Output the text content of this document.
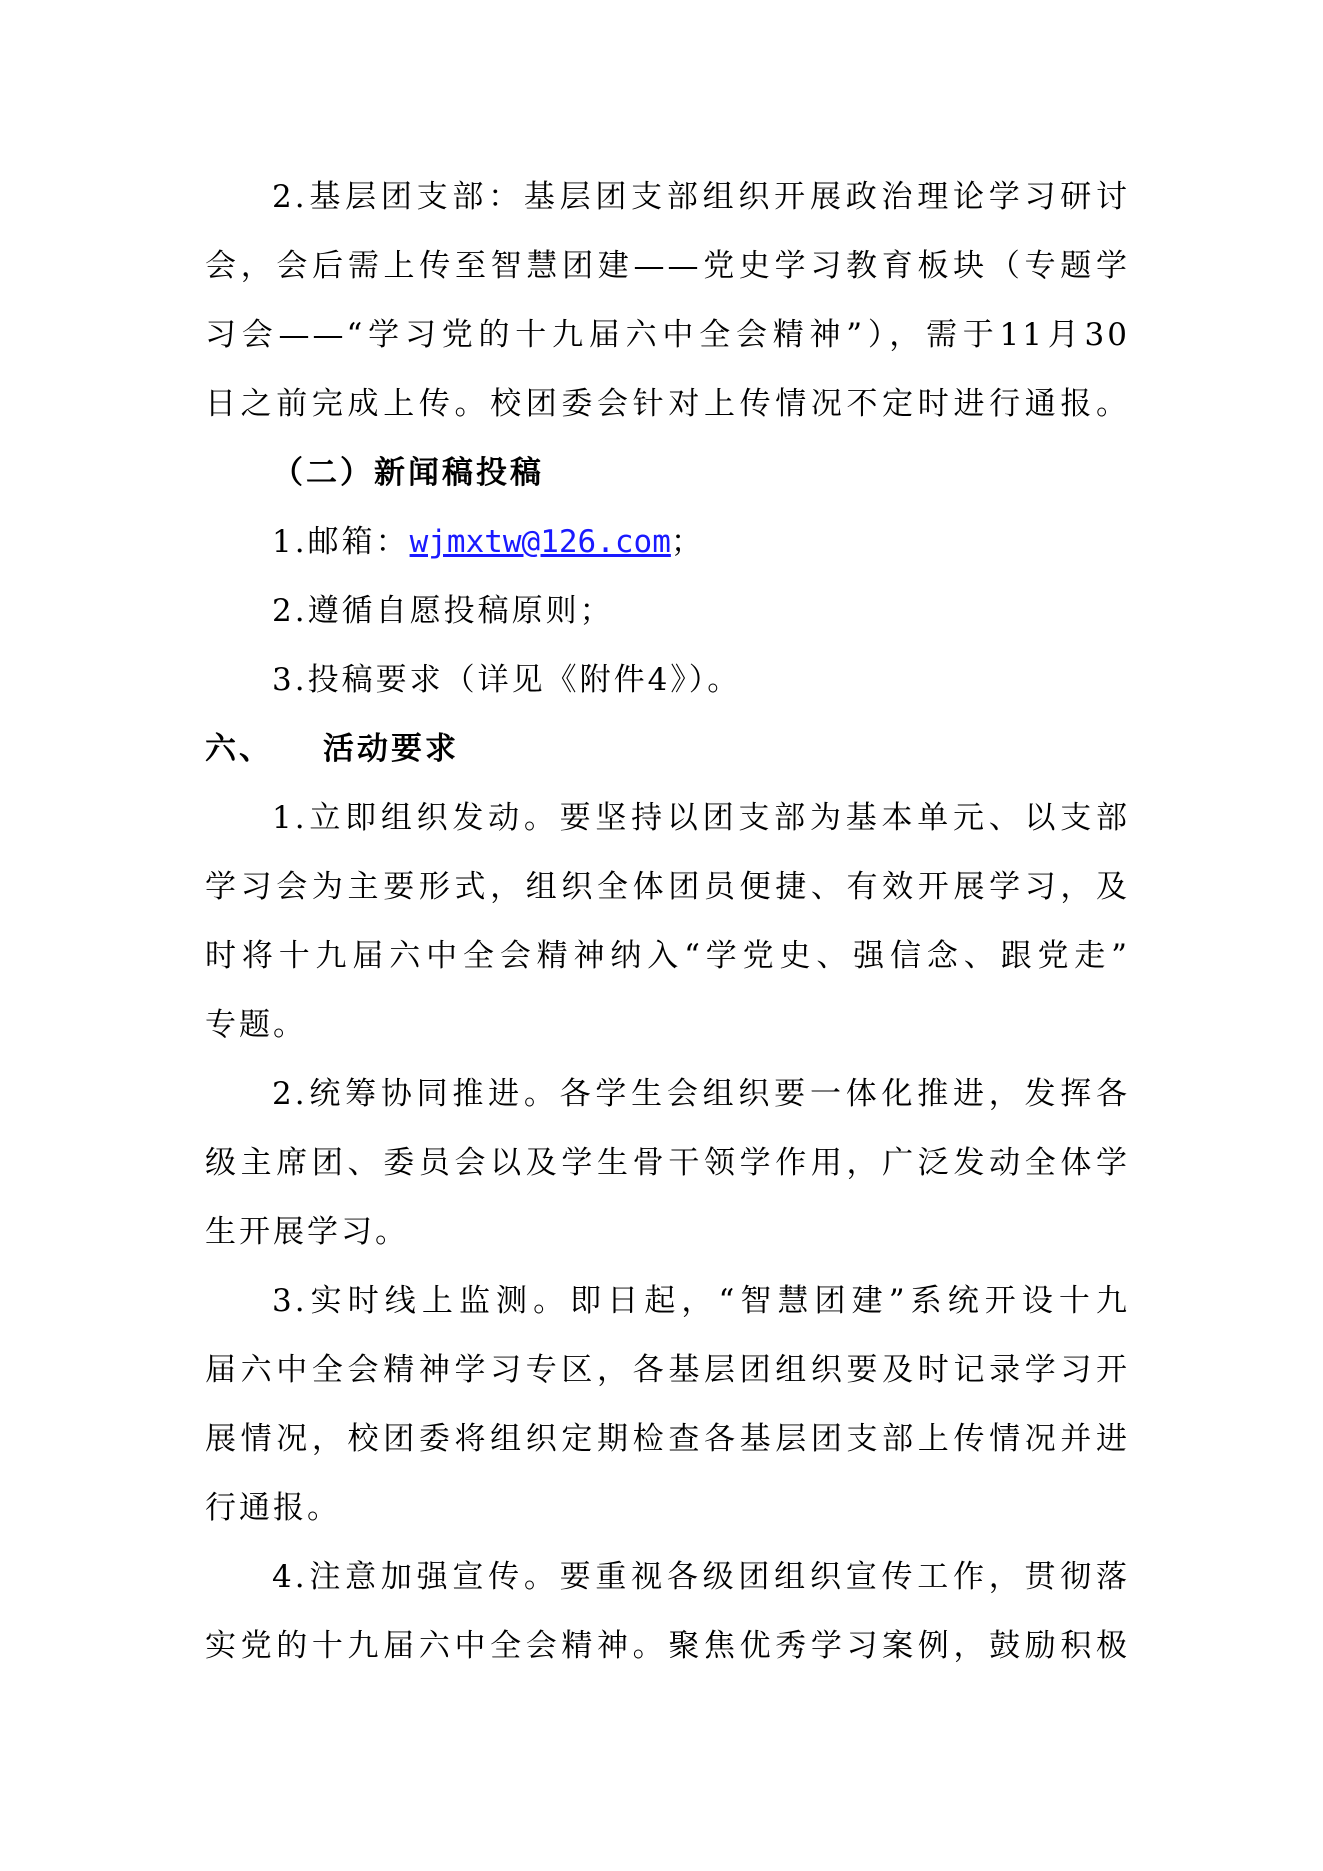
2.基层团支部：基层团支部组织开展政治理论学习研讨
会，会后需上传至智慧团建——党史学习教育板块（专题学
习会——“学习党的十九届六中全会精神”），需于11月30
日之前完成上传。校团委会针对上传情况不定时进行通报。
（二）新闻稿投稿
1.邮箱：wjmxtw@126.com；
2.遵循自愿投稿原则；
3.投稿要求（详见《附件4》）。
六、 活动要求
1.立即组织发动。要坚持以团支部为基本单元、以支部
学习会为主要形式，组织全体团员便捷、有效开展学习，及
时将十九届六中全会精神纳入“学党史、强信念、跟党走”
专题。
2.统筹协同推进。各学生会组织要一体化推进，发挥各
级主席团、委员会以及学生骨干领学作用，广泛发动全体学
生开展学习。
3.实时线上监测。即日起，“智慧团建”系统开设十九
届六中全会精神学习专区，各基层团组织要及时记录学习开
展情况，校团委将组织定期检查各基层团支部上传情况并进
行通报。
4.注意加强宣传。要重视各级团组织宣传工作，贯彻落
实党的十九届六中全会精神。聚焦优秀学习案例，鼓励积极
